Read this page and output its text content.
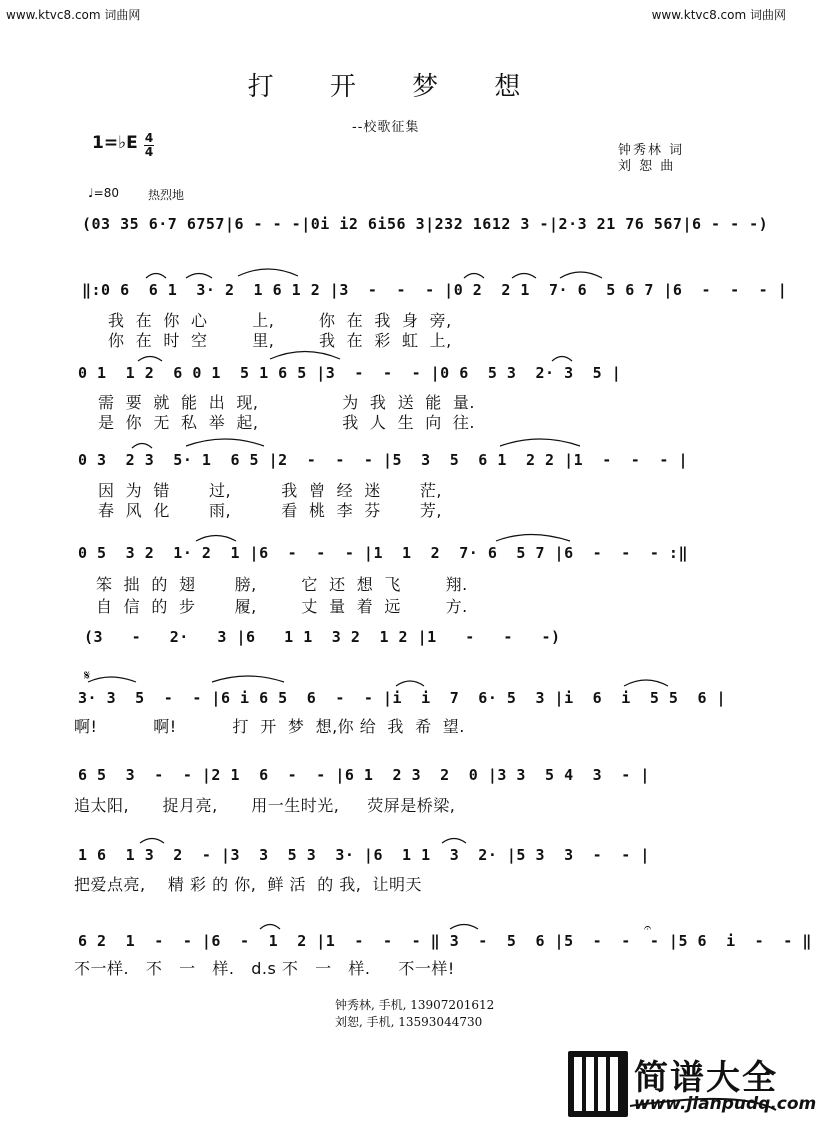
www.ktvc8.com 词曲网	www.ktvc8.com 词曲网
打 开 梦 想
--校歌征集
1=♭E 4
4	钟秀林 词
刘 恕 曲
♩=80 热烈地
(03 35 6·7 6757|6 - - -|0i i2 6i56 3|232 1612 3 -|2·3 21 76 567|6 - - -)
‖:0 6  6 1  3· 2  1 6 1 2 |3  -  -  - |0 2  2 1  7· 6  5 6 7 |6  -  -  - |
我  在  你  心        上,        你  在  我  身  旁,
你  在  时  空        里,        我  在  彩  虹  上,
0 1  1 2  6 0 1  5 1 6 5 |3  -  -  - |0 6  5 3  2· 3  5 |
需  要  就  能  出  现,               为  我  送  能  量.
是  你  无  私  举  起,               我  人  生  向  往.
0 3  2 3  5· 1  6 5 |2  -  -  - |5  3  5  6 1  2 2 |1  -  -  - |
因  为  错       过,         我  曾  经  迷       茫,
春  风  化       雨,         看  桃  李  芬       芳,
0 5  3 2  1· 2  1 |6  -  -  - |1  1  2  7· 6  5 7 |6  -  -  - :‖
笨  拙  的  翅       膀,        它  还  想  飞        翔.
自  信  的  步       履,        丈  量  着  远        方.
(3   -   2·   3 |6   1 1  3 2  1 2 |1   -   -   -)
3· 3  5  -  - |6 i 6 5  6  -  - |i  i  7  6· 5  3 |i  6  i  5 5  6 |
啊!          啊!          打  开  梦  想,你 给  我  希  望.
6 5  3  -  - |2 1  6  -  - |6 1  2 3  2  0 |3 3  5 4  3  - |
追太阳,      捉月亮,      用一生时光,     荧屏是桥梁,
1 6  1 3  2  - |3  3  5 3  3· |6  1 1  3  2· |5 3  3  -  - |
把爱点亮,    精 彩 的 你,  鲜 活  的 我,  让明天
6 2  1  -  - |6  -  1  2 |1  -  -  - ‖ 3  -  5  6 |5  -  -  - |5 6  i  -  - ‖
不一样.   不   一   样.   d.s 不   一   样.     不一样!
𝄋
𝄐
钟秀林, 手机, 13907201612
刘恕, 手机, 13593044730
简谱大全
www.jianpudq.com
